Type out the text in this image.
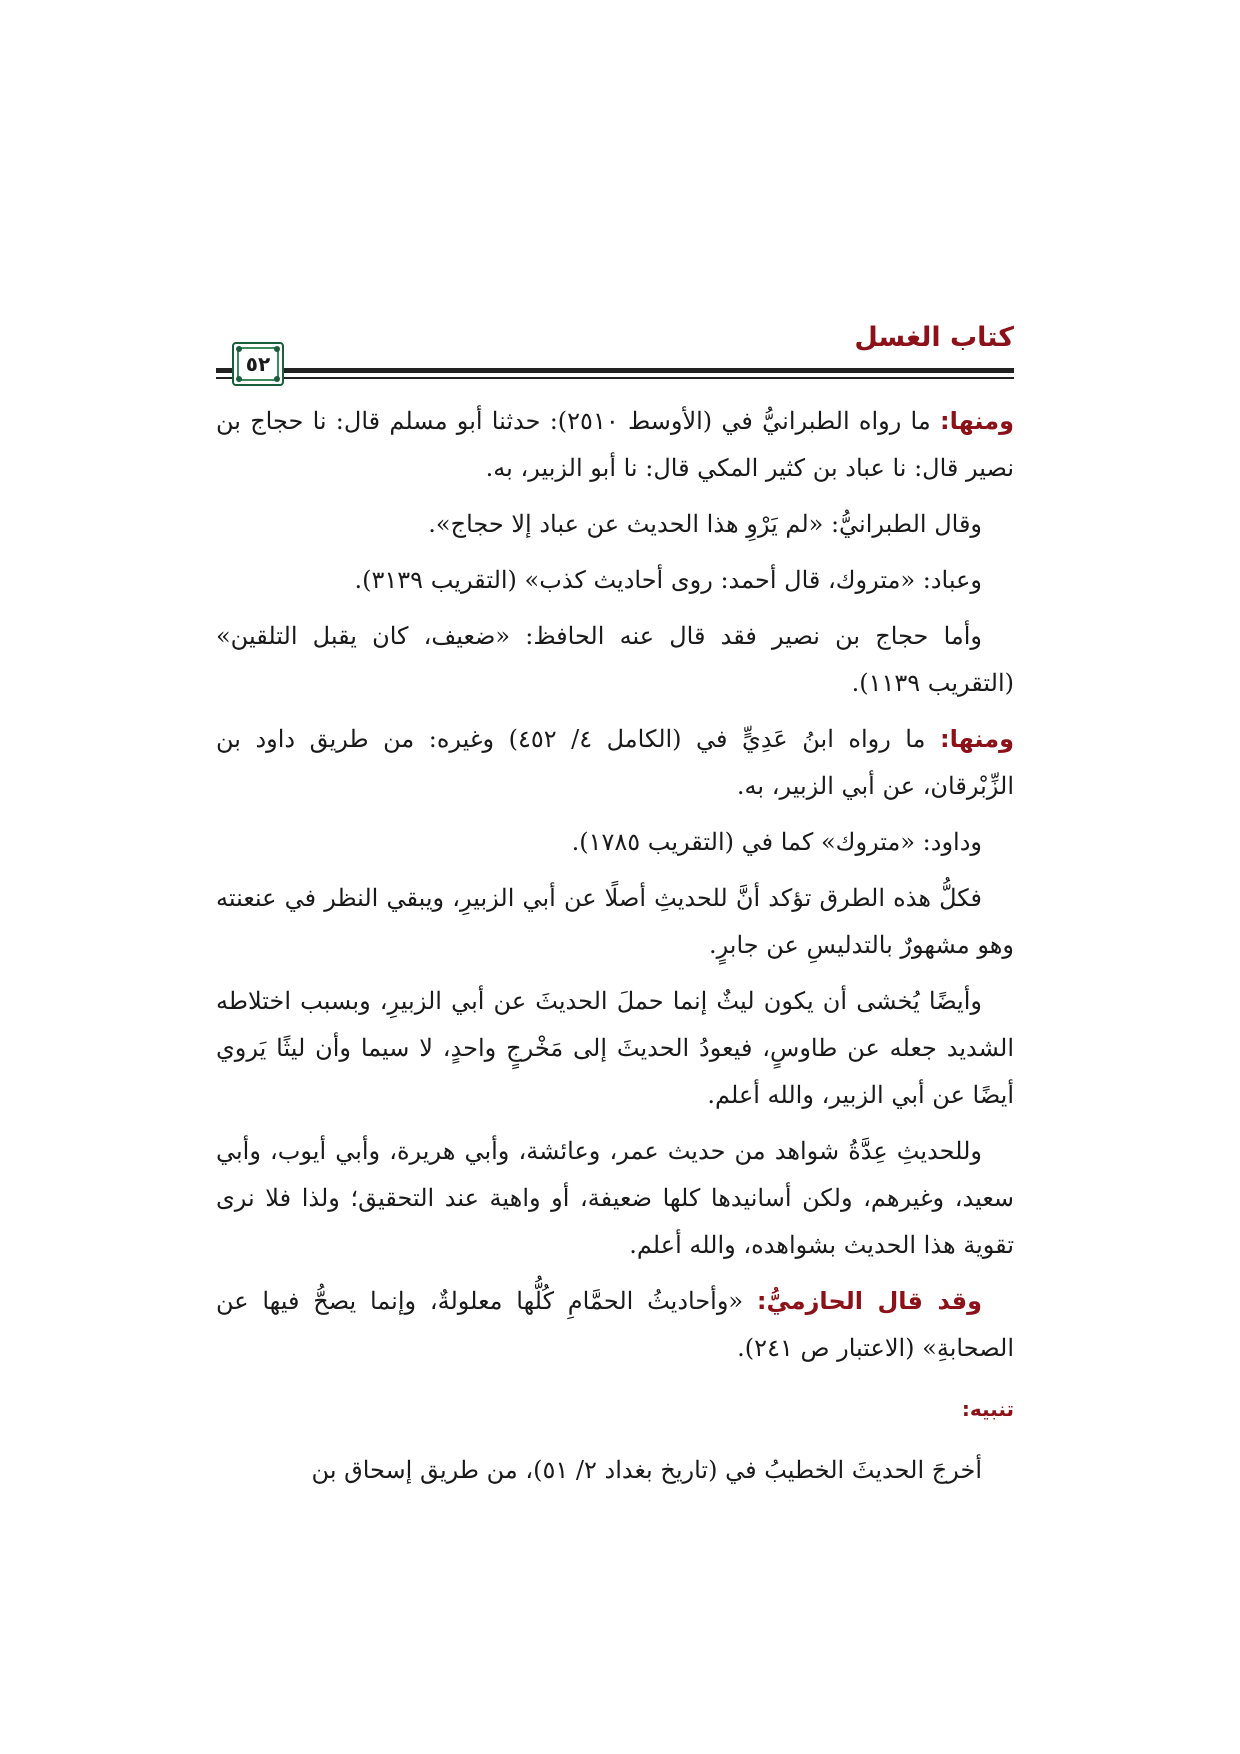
كتاب الغسل
٥٢

ومنها: ما رواه الطبرانيُّ في (الأوسط ٢٥١٠): حدثنا أبو مسلم قال: نا حجاج بن نصير قال: نا عباد بن كثير المكي قال: نا أبو الزبير، به.

وقال الطبرانيُّ: «لم يَرْوِ هذا الحديث عن عباد إلا حجاج».

وعباد: «متروك، قال أحمد: روى أحاديث كذب» (التقريب ٣١٣٩).

وأما حجاج بن نصير فقد قال عنه الحافظ: «ضعيف، كان يقبل التلقين» (التقريب ١١٣٩).

ومنها: ما رواه ابنُ عَدِيٍّ في (الكامل ٤/ ٤٥٢) وغيره: من طريق داود بن الزِّبْرقان، عن أبي الزبير، به.

وداود: «متروك» كما في (التقريب ١٧٨٥).

فكلُّ هذه الطرق تؤكد أنَّ للحديثِ أصلًا عن أبي الزبيرِ، ويبقي النظر في عنعنته وهو مشهورٌ بالتدليسِ عن جابرٍ.

وأيضًا يُخشى أن يكون ليثٌ إنما حملَ الحديثَ عن أبي الزبيرِ، وبسبب اختلاطه الشديد جعله عن طاوسٍ، فيعودُ الحديثَ إلى مَخْرجٍ واحدٍ، لا سيما وأن ليثًا يَروي أيضًا عن أبي الزبير، والله أعلم.

وللحديثِ عِدَّةُ شواهد من حديث عمر، وعائشة، وأبي هريرة، وأبي أيوب، وأبي سعيد، وغيرهم، ولكن أسانيدها كلها ضعيفة، أو واهية عند التحقيق؛ ولذا فلا نرى تقوية هذا الحديث بشواهده، والله أعلم.

وقد قال الحازميُّ: «وأحاديثُ الحمَّامِ كُلُّها معلولةٌ، وإنما يصحُّ فيها عن الصحابةِ» (الاعتبار ص ٢٤١).

تنبيه:

أخرجَ الحديثَ الخطيبُ في (تاريخ بغداد ٢/ ٥١)، من طريق إسحاق بن
